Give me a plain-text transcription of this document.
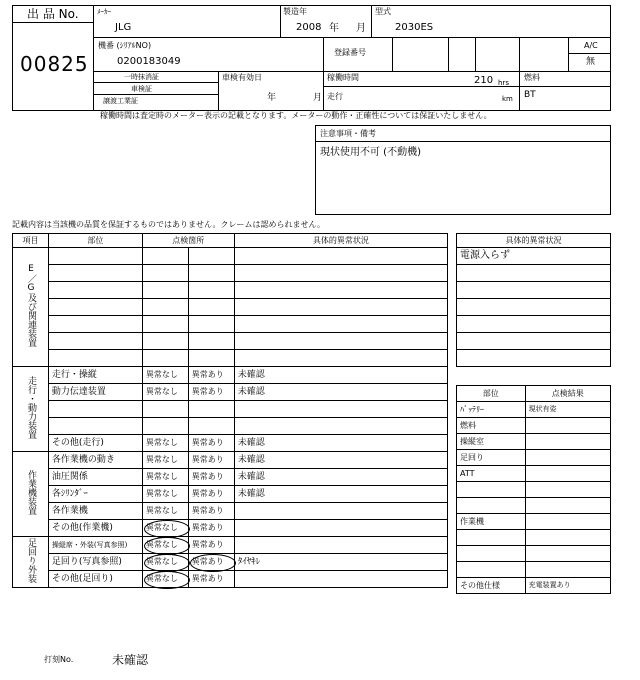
出 品 No.
00825
ﾒｰｶｰ
JLG
製造年
2008 年 月
型式
2030ES
機番 (ｼﾘｱﾙNO)
0200183049
登録番号
A/C
無
一時抹消証
車検証
譲渡工業証
車検有効日
年	月
稼働時間	210 hrs
走行	km
燃料
BT
稼働時間は査定時のメーター表示の記載となります。メーターの動作・正確性については保証いたしません。
注意事項・備考
現状使用不可 (不動機)
記載内容は当該機の品質を保証するものではありません。クレームは認められません。
項目	部位	点検箇所		具体的異常状況
E／G及び関連装置				

走行・動力装置	走行・操縦	異常なし	異常あり	未確認
	動力伝達装置	異常なし	異常あり	未確認

	その他(走行)	異常なし	異常あり	未確認
作業機装置	各作業機の動き	異常なし	異常あり	未確認
	油圧関係	異常なし	異常あり	未確認
	各ｼﾘﾝﾀﾞｰ	異常なし	異常あり	未確認
	各作業機	異常なし	異常あり	
	その他(作業機)	異常なし	異常あり	
足回り外装	操縦席・外装(写真参照)	異常なし	異常あり	
	足回り(写真参照)	異常なし	異常あり	ﾀｲﾔｷﾚ
	その他(足回り)	異常なし	異常あり	
具体的異常状況
電源入らず

部位	点検結果
ﾊﾞｯﾃﾘｰ	現状有姿
燃料	
操縦室	
足回り	
ATT	

作業機	

その他仕様	充電装置あり
打刻No.	未確認
